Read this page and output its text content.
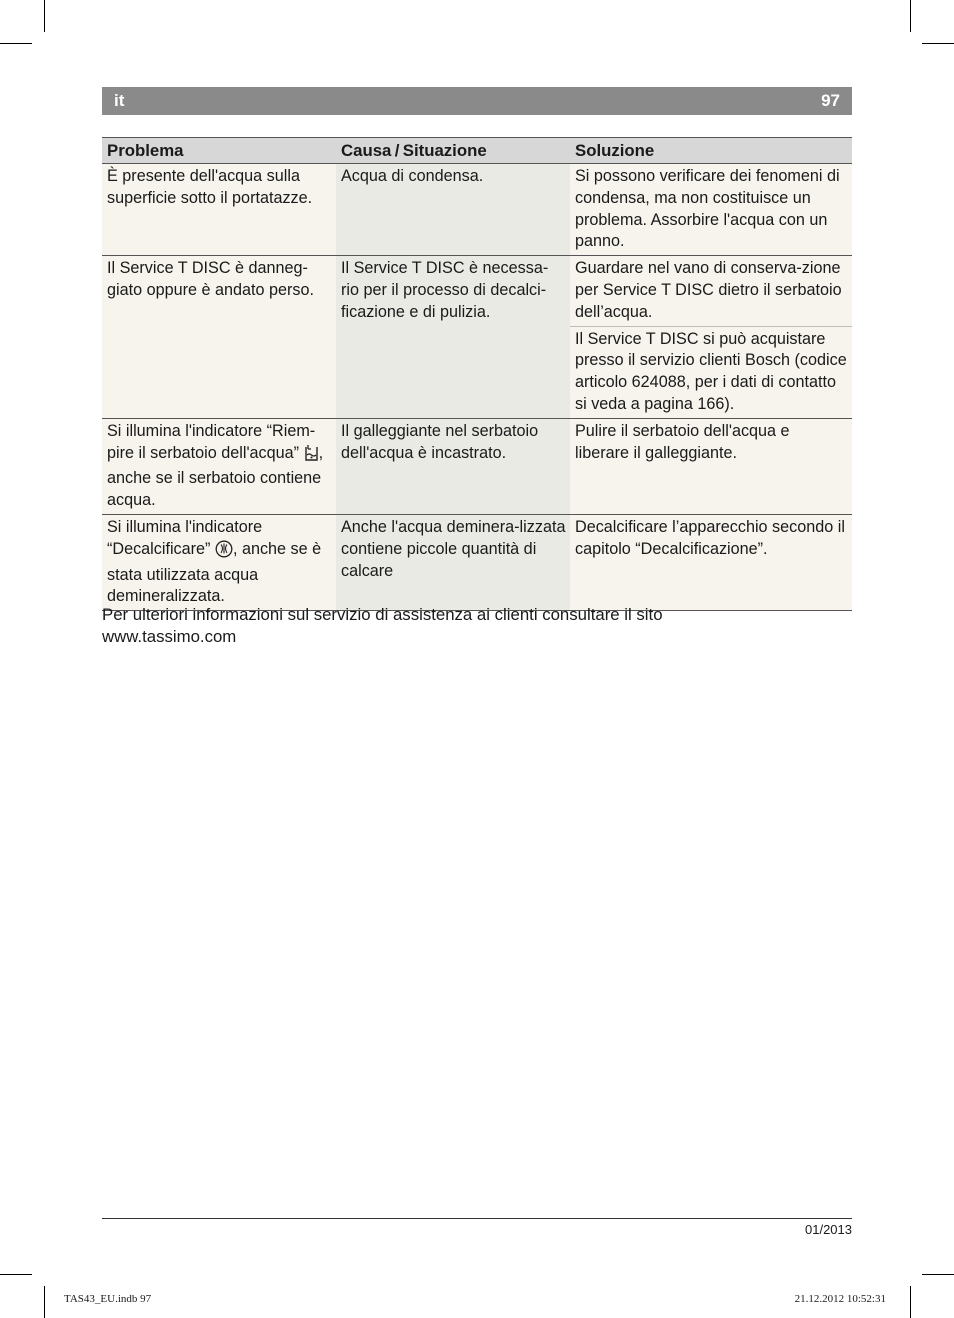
it	97
Problema	Causa / Situazione	Soluzione
È presente dell'acqua sulla superficie sotto il portatazze.	Acqua di condensa.	Si possono verificare dei fenomeni di condensa, ma non costituisce un problema. Assorbire l'acqua con un panno.
Il Service T DISC è danneg-giato oppure è andato perso.	Il Service T DISC è necessa-rio per il processo di decalci-ficazione e di pulizia.	Guardare nel vano di conserva-zione per Service T DISC dietro il serbatoio dell’acqua.
		Il Service T DISC si può acquistare presso il servizio clienti Bosch (codice articolo 624088, per i dati di contatto si veda a pagina 166).
Si illumina l'indicatore “Riem-pire il serbatoio dell'acqua” , anche se il serbatoio contiene acqua.	Il galleggiante nel serbatoio dell'acqua è incastrato.	Pulire il serbatoio dell'acqua e liberare il galleggiante.
Si illumina l'indicatore “Decalcificare” , anche se è stata utilizzata acqua demineralizzata.	Anche l'acqua deminera-lizzata contiene piccole quantità di calcare	Decalcificare l’apparecchio secondo il capitolo “Decalcificazione”.
Per ulteriori informazioni sul servizio di assistenza ai clienti consultare il sito www.tassimo.com
01/2013
TAS43_EU.indb 97	21.12.2012 10:52:31
